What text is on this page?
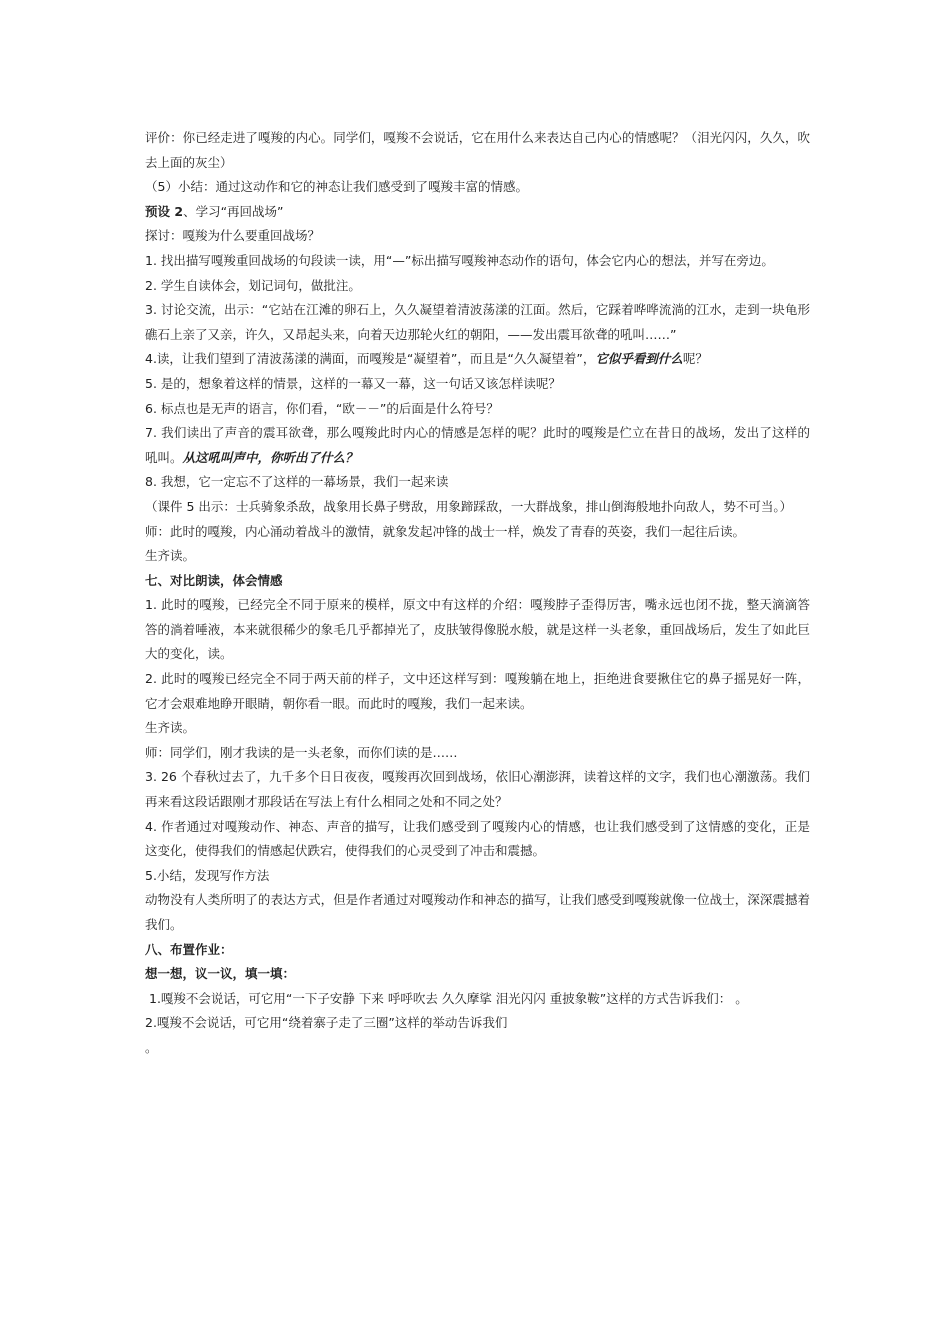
评价：你已经走进了嘎羧的内心。同学们，嘎羧不会说话，它在用什么来表达自己内心的情感呢？（泪光闪闪，久久，吹去上面的灰尘）
（5）小结：通过这动作和它的神态让我们感受到了嘎羧丰富的情感。
预设 2、学习“再回战场”
探讨：嘎羧为什么要重回战场？
1. 找出描写嘎羧重回战场的句段读一读，用“—”标出描写嘎羧神态动作的语句，体会它内心的想法，并写在旁边。
2. 学生自读体会，划记词句，做批注。
3. 讨论交流，出示：“它站在江滩的卵石上，久久凝望着清波荡漾的江面。然后，它踩着哗哗流淌的江水，走到一块龟形礁石上亲了又亲，许久，又昂起头来，向着天边那轮火红的朝阳，——发出震耳欲聋的吼叫……”
4.读，让我们望到了清波荡漾的满面，而嘎羧是“凝望着”，而且是“久久凝望着”，它似乎看到什么呢？
5. 是的，想象着这样的情景，这样的一幕又一幕，这一句话又该怎样读呢？
6. 标点也是无声的语言，你们看，“欧－－”的后面是什么符号？
7. 我们读出了声音的震耳欲聋，那么嘎羧此时内心的情感是怎样的呢？此时的嘎羧是伫立在昔日的战场，发出了这样的吼叫。从这吼叫声中，你听出了什么？
8. 我想，它一定忘不了这样的一幕场景，我们一起来读
（课件 5 出示：士兵骑象杀敌，战象用长鼻子劈敌，用象蹄踩敌，一大群战象，排山倒海般地扑向敌人，势不可当。）
师：此时的嘎羧，内心涌动着战斗的激情，就象发起冲锋的战士一样，焕发了青春的英姿，我们一起往后读。
生齐读。
七、对比朗读，体会情感
1. 此时的嘎羧，已经完全不同于原来的模样，原文中有这样的介绍：嘎羧脖子歪得厉害，嘴永远也闭不拢，整天滴滴答答的淌着唾液，本来就很稀少的象毛几乎都掉光了，皮肤皱得像脱水般，就是这样一头老象，重回战场后，发生了如此巨大的变化，读。
2. 此时的嘎羧已经完全不同于两天前的样子，文中还这样写到：嘎羧躺在地上，拒绝进食要揪住它的鼻子摇晃好一阵，它才会艰难地睁开眼睛，朝你看一眼。而此时的嘎羧，我们一起来读。
生齐读。
师：同学们，刚才我读的是一头老象，而你们读的是……
3. 26 个春秋过去了，九千多个日日夜夜，嘎羧再次回到战场，依旧心潮澎湃，读着这样的文字，我们也心潮激荡。我们再来看这段话跟刚才那段话在写法上有什么相同之处和不同之处？
4. 作者通过对嘎羧动作、神态、声音的描写，让我们感受到了嘎羧内心的情感，也让我们感受到了这情感的变化，正是这变化，使得我们的情感起伏跌宕，使得我们的心灵受到了冲击和震撼。
5.小结，发现写作方法
动物没有人类所明了的表达方式，但是作者通过对嘎羧动作和神态的描写，让我们感受到嘎羧就像一位战士，深深震撼着我们。
八、布置作业：
想一想，议一议，填一填：
1.嘎羧不会说话，可它用“一下子安静 下来 呼呼吹去 久久摩挲 泪光闪闪 重披象鞍”这样的方式告诉我们： 。
2.嘎羧不会说话，可它用“绕着寨子走了三圈”这样的举动告诉我们
。
